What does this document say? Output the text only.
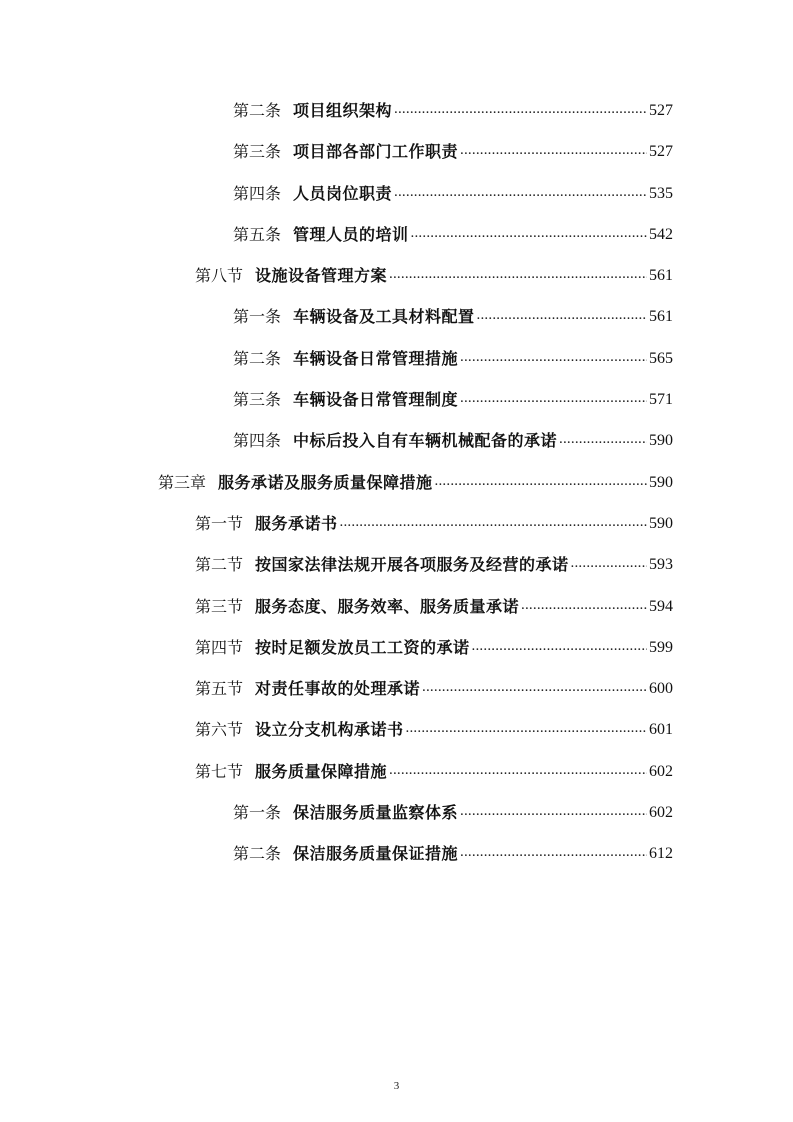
第二条 项目组织架构 .....	527
第三条 项目部各部门工作职责 .....	527
第四条 人员岗位职责 .....	535
第五条 管理人员的培训 .....	542
第八节 设施设备管理方案 .....	561
第一条 车辆设备及工具材料配置 .....	561
第二条 车辆设备日常管理措施 .....	565
第三条 车辆设备日常管理制度 .....	571
第四条 中标后投入自有车辆机械配备的承诺 .....	590
第三章 服务承诺及服务质量保障措施 .....	590
第一节 服务承诺书 .....	590
第二节 按国家法律法规开展各项服务及经营的承诺 .....	593
第三节 服务态度、服务效率、服务质量承诺 .....	594
第四节 按时足额发放员工工资的承诺 .....	599
第五节 对责任事故的处理承诺 .....	600
第六节 设立分支机构承诺书 .....	601
第七节 服务质量保障措施 .....	602
第一条 保洁服务质量监察体系 .....	602
第二条 保洁服务质量保证措施 .....	612
3
